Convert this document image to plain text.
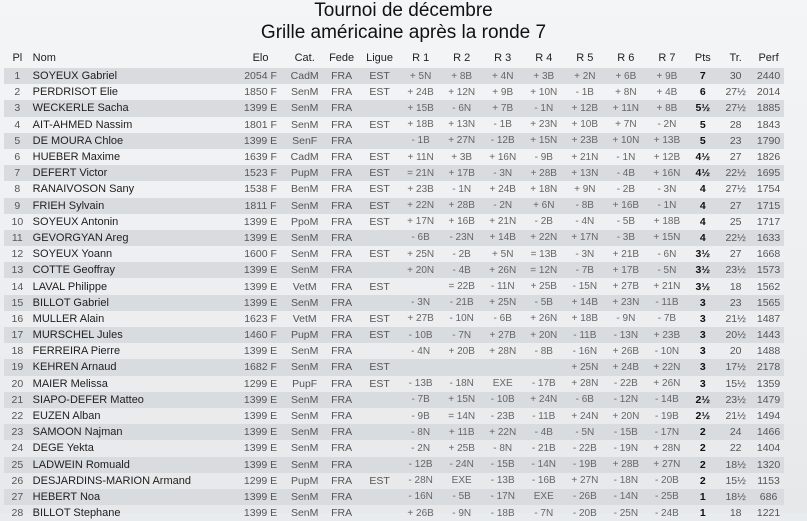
Tournoi de décembre
Grille américaine après la ronde 7
Pl	Nom	Elo	Cat.	Fede	Ligue	R 1	R 2	R 3	R 4	R 5	R 6	R 7	Pts	Tr.	Perf
1	SOYEUX Gabriel	2054 F	CadM	FRA	EST	+ 5N	+ 8B	+ 4N	+ 3B	+ 2N	+ 6B	+ 9B	7	30	2440
2	PERDRISOT Elie	1850 F	SenM	FRA	EST	+ 24B	+ 12N	+ 9B	+ 10N	- 1B	+ 8N	+ 4B	6	27½	2014
3	WECKERLE Sacha	1399 E	SenM	FRA		+ 15B	- 6N	+ 7B	- 1N	+ 12B	+ 11N	+ 8B	5½	27½	1885
4	AIT-AHMED Nassim	1801 F	SenM	FRA	EST	+ 18B	+ 13N	- 1B	+ 23N	+ 10B	+ 7N	- 2N	5	28	1843
5	DE MOURA Chloe	1399 E	SenF	FRA		- 1B	+ 27N	- 12B	+ 15N	+ 23B	+ 10N	+ 13B	5	23	1790
6	HUEBER Maxime	1639 F	CadM	FRA	EST	+ 11N	+ 3B	+ 16N	- 9B	+ 21N	- 1N	+ 12B	4½	27	1826
7	DEFERT Victor	1523 F	PupM	FRA	EST	= 21N	+ 17B	- 3N	+ 28B	+ 13N	- 4B	+ 16N	4½	22½	1695
8	RANAIVOSON Sany	1538 F	BenM	FRA	EST	+ 23B	- 1N	+ 24B	+ 18N	+ 9N	- 2B	- 3N	4	27½	1754
9	FRIEH Sylvain	1811 F	SenM	FRA	EST	+ 22N	+ 28B	- 2N	+ 6N	- 8B	+ 16B	- 1N	4	27	1715
10	SOYEUX Antonin	1399 E	PpoM	FRA	EST	+ 17N	+ 16B	+ 21N	- 2B	- 4N	- 5B	+ 18B	4	25	1717
11	GEVORGYAN Areg	1399 E	SenM	FRA		- 6B	- 23N	+ 14B	+ 22N	+ 17N	- 3B	+ 15N	4	22½	1633
12	SOYEUX Yoann	1600 F	SenM	FRA	EST	+ 25N	- 2B	+ 5N	= 13B	- 3N	+ 21B	- 6N	3½	27	1668
13	COTTE Geoffray	1399 E	SenM	FRA		+ 20N	- 4B	+ 26N	= 12N	- 7B	+ 17B	- 5N	3½	23½	1573
14	LAVAL Philippe	1399 E	VetM	FRA	EST		= 22B	- 11N	+ 25B	- 15N	+ 27B	+ 21N	3½	18	1562
15	BILLOT Gabriel	1399 E	SenM	FRA		- 3N	- 21B	+ 25N	- 5B	+ 14B	+ 23N	- 11B	3	23	1565
16	MULLER Alain	1623 F	VetM	FRA	EST	+ 27B	- 10N	- 6B	+ 26N	+ 18B	- 9N	- 7B	3	21½	1487
17	MURSCHEL Jules	1460 F	PupM	FRA	EST	- 10B	- 7N	+ 27B	+ 20N	- 11B	- 13N	+ 23B	3	20½	1443
18	FERREIRA Pierre	1399 E	SenM	FRA		- 4N	+ 20B	+ 28N	- 8B	- 16N	+ 26B	- 10N	3	20	1488
19	KEHREN Arnaud	1682 F	SenM	FRA	EST					+ 25N	+ 24B	+ 22N	3	17½	2178
20	MAIER Melissa	1299 E	PupF	FRA	EST	- 13B	- 18N	EXE	- 17B	+ 28N	- 22B	+ 26N	3	15½	1359
21	SIAPO-DEFER Matteo	1399 E	SenM	FRA		- 7B	+ 15N	- 10B	+ 24N	- 6B	- 12N	- 14B	2½	23½	1479
22	EUZEN Alban	1399 E	SenM	FRA		- 9B	= 14N	- 23B	- 11B	+ 24N	+ 20N	- 19B	2½	21½	1494
23	SAMOON Najman	1399 E	SenM	FRA		- 8N	+ 11B	+ 22N	- 4B	- 5N	- 15B	- 17N	2	24	1466
24	DEGE Yekta	1399 E	SenM	FRA		- 2N	+ 25B	- 8N	- 21B	- 22B	- 19N	+ 28N	2	22	1404
25	LADWEIN Romuald	1399 E	SenM	FRA		- 12B	- 24N	- 15B	- 14N	- 19B	+ 28B	+ 27N	2	18½	1320
26	DESJARDINS-MARION Armand	1299 E	PupM	FRA	EST	- 28N	EXE	- 13B	- 16B	+ 27N	- 18N	- 20B	2	15½	1153
27	HEBERT Noa	1399 E	SenM	FRA		- 16N	- 5B	- 17N	EXE	- 26B	- 14N	- 25B	1	18½	686
28	BILLOT Stephane	1399 E	SenM	FRA		+ 26B	- 9N	- 18B	- 7N	- 20B	- 25N	- 24B	1	18	1221
